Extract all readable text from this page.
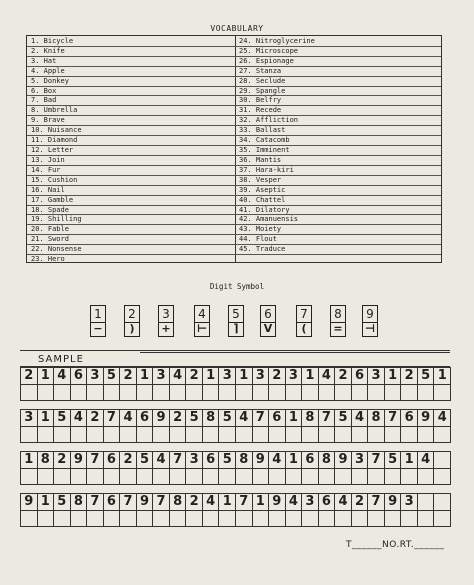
VOCABULARY
1. Bicycle
2. Knife
3. Hat
4. Apple
5. Donkey
6. Box
7. Bad
8. Umbrella
9. Brave
10. Nuisance
11. Diamond
12. Letter
13. Join
14. Fur
15. Cushion
16. Nail
17. Gamble
18. Spade
19. Shilling
20. Fable
21. Sword
22. Nonsense
23. Hero
24. Nitroglycerine
25. Microscope
26. Espionage
27. Stanza
28. Seclude
29. Spangle
30. Belfry
31. Recede
32. Affliction
33. Ballast
34. Catacomb
35. Imminent
36. Mantis
37. Hara-kiri
38. Vesper
39. Aseptic
40. Chattel
41. Dilatory
42. Amanuensis
43. Moiety
44. Flout
45. Traduce
Digit Symbol
1
−
2
)
3
+
4
⊢
5
⌉
6
V
7
(
8
=
9
⊣
SAMPLE
2 1 4 6 3 5 2 1 3 4 2 1 3 1 3 2 3 1 4 2 6 3 1 2 5 1
3 1 5 4 2 7 4 6 9 2 5 8 5 4 7 6 1 8 7 5 4 8 7 6 9 4
1 8 2 9 7 6 2 5 4 7 3 6 5 8 9 4 1 6 8 9 3 7 5 1 4
9 1 5 8 7 6 7 9 7 8 2 4 1 7 1 9 4 3 6 4 2 7 9 3
T______NO.RT.______
